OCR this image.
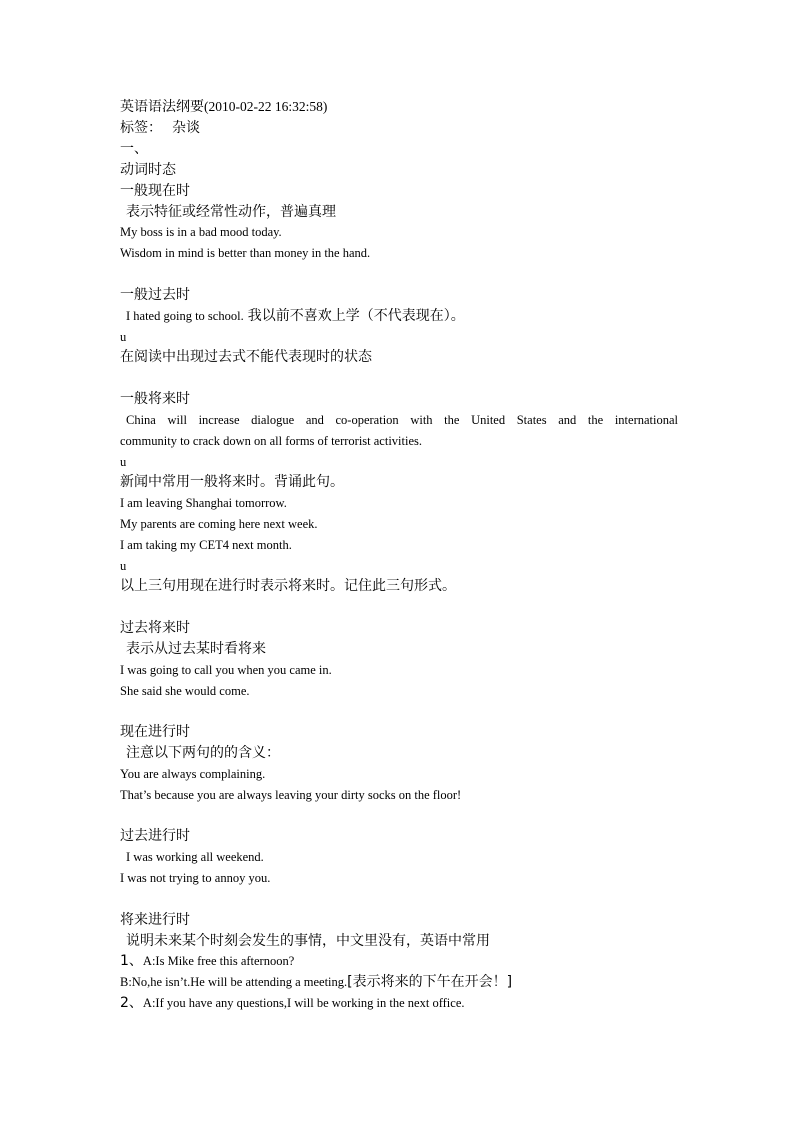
英语语法纲要(2010-02-22 16:32:58)
标签： 杂谈
一、
动词时态
一般现在时
表示特征或经常性动作，普遍真理
My boss is in a bad mood today.
Wisdom in mind is better than money in the hand.
一般过去时
I hated going to school. 我以前不喜欢上学（不代表现在）。
u
在阅读中出现过去式不能代表现时的状态
一般将来时
China will increase dialogue and co-operation with the United States and the international
community to crack down on all forms of terrorist activities.
u
新闻中常用一般将来时。背诵此句。
I am leaving Shanghai tomorrow.
My parents are coming here next week.
I am taking my CET4 next month.
u
以上三句用现在进行时表示将来时。记住此三句形式。
过去将来时
表示从过去某时看将来
I was going to call you when you came in.
She said she would come.
现在进行时
注意以下两句的的含义：
You are always complaining.
That’s because you are always leaving your dirty socks on the floor!
过去进行时
I was working all weekend.
I was not trying to annoy you.
将来进行时
说明未来某个时刻会发生的事情，中文里没有，英语中常用
1、A:Is Mike free this afternoon?
B:No,he isn’t.He will be attending a meeting.[表示将来的下午在开会！]
2、A:If you have any questions,I will be working in the next office.
